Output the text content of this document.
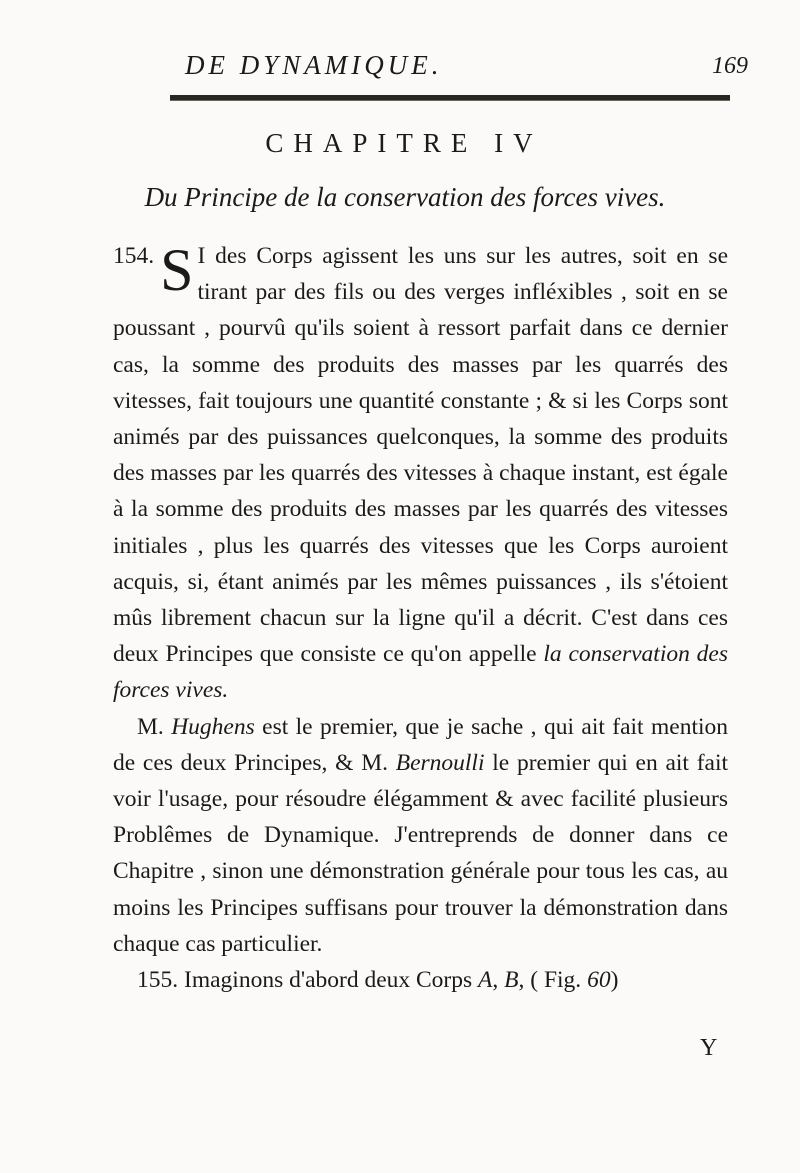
DE DYNAMIQUE.	169
CHAPITRE IV
Du Principe de la conservation des forces vives.

154. S I des Corps agissent les uns sur les autres, soit en se tirant par des fils ou des verges infléxibles , soit en se poussant , pourvû qu'ils soient à ressort parfait dans ce dernier cas, la somme des produits des masses par les quarrés des vitesses, fait toujours une quantité constante ; & si les Corps sont animés par des puissances quelconques, la somme des produits des masses par les quarrés des vitesses à chaque instant, est égale à la somme des produits des masses par les quarrés des vitesses initiales , plus les quarrés des vitesses que les Corps auroient acquis, si, étant animés par les mêmes puissances , ils s'étoient mûs librement chacun sur la ligne qu'il a décrit. C'est dans ces deux Principes que consiste ce qu'on appelle la conservation des forces vives.

M. Hughens est le premier, que je sache , qui ait fait mention de ces deux Principes, & M. Bernoulli le premier qui en ait fait voir l'usage, pour résoudre élégamment & avec facilité plusieurs Problêmes de Dynamique. J'entreprends de donner dans ce Chapitre , sinon une démonstration générale pour tous les cas, au moins les Principes suffisans pour trouver la démonstration dans chaque cas particulier.

155. Imaginons d'abord deux Corps A, B, ( Fig. 60)

Y
